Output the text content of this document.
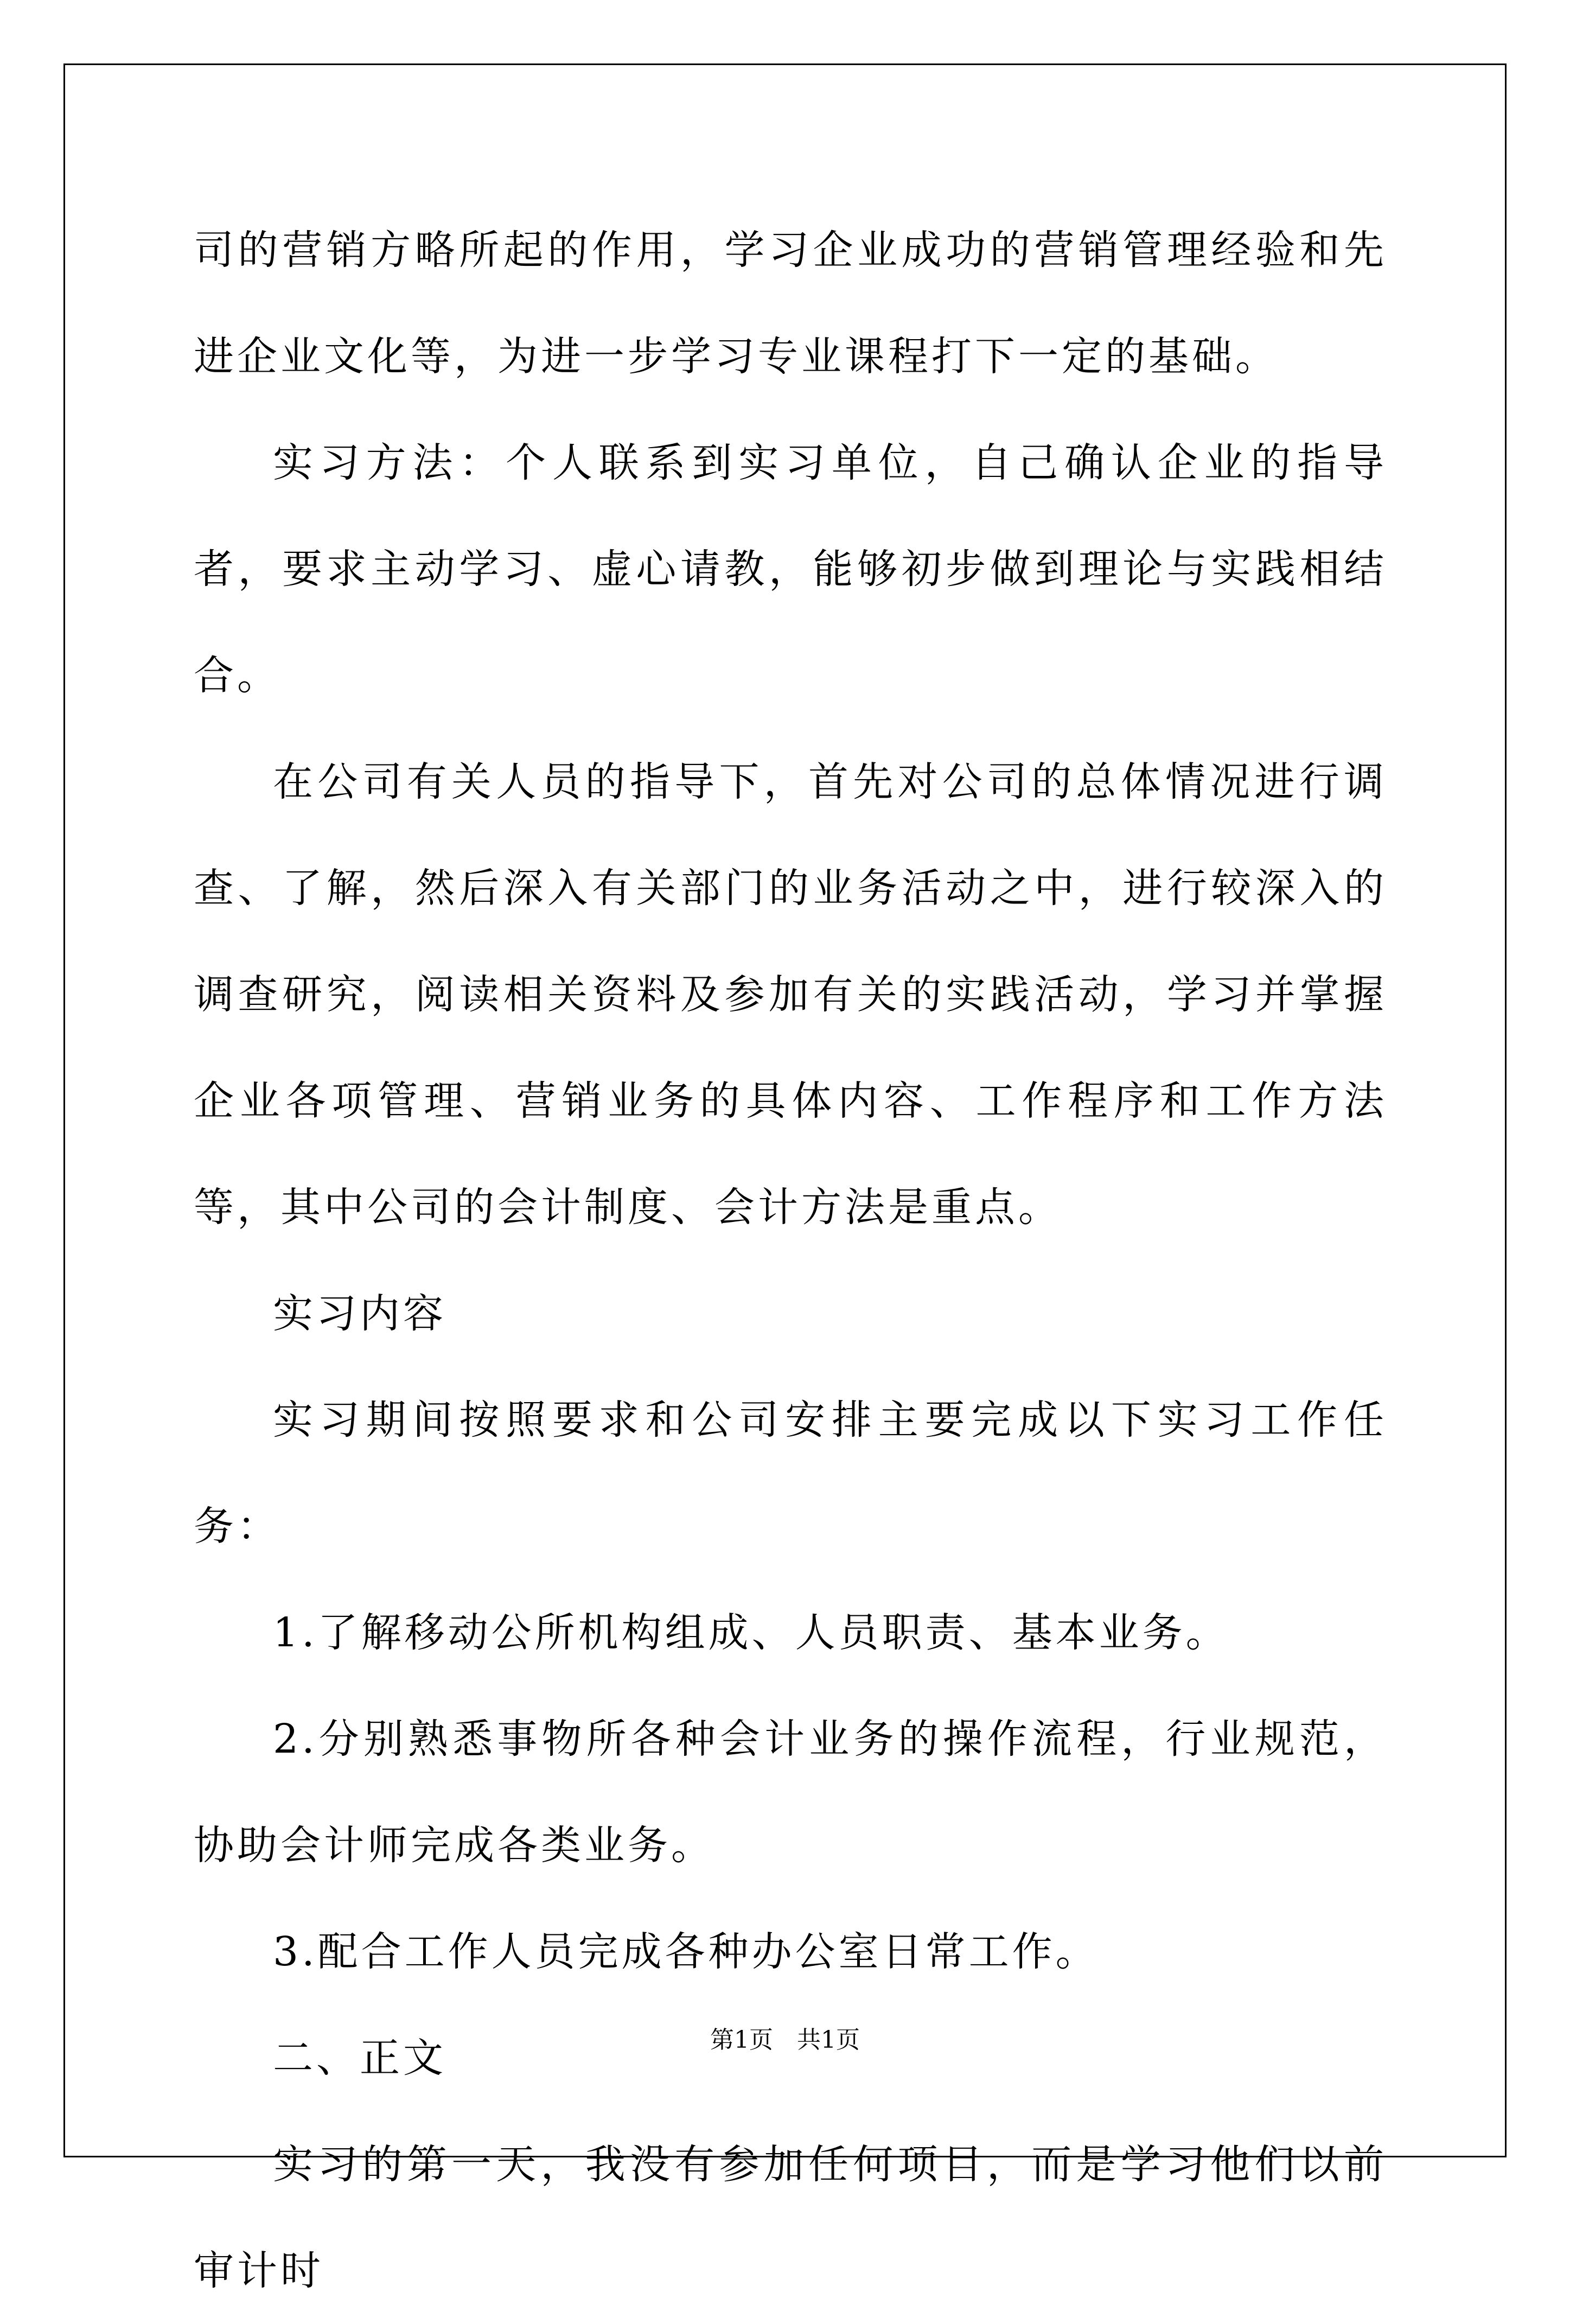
司的营销方略所起的作用，学习企业成功的营销管理经验和先进企业文化等，为进一步学习专业课程打下一定的基础。

实习方法：个人联系到实习单位，自己确认企业的指导者，要求主动学习、虚心请教，能够初步做到理论与实践相结合。

在公司有关人员的指导下，首先对公司的总体情况进行调查、了解，然后深入有关部门的业务活动之中，进行较深入的调查研究，阅读相关资料及参加有关的实践活动，学习并掌握企业各项管理、营销业务的具体内容、工作程序和工作方法等，其中公司的会计制度、会计方法是重点。

实习内容

实习期间按照要求和公司安排主要完成以下实习工作任务：

1.了解移动公所机构组成、人员职责、基本业务。

2.分别熟悉事物所各种会计业务的操作流程，行业规范，协助会计师完成各类业务。

3.配合工作人员完成各种办公室日常工作。

二、正文

实习的第一天，我没有参加任何项目，而是学习他们以前审计时

第1页　共1页
